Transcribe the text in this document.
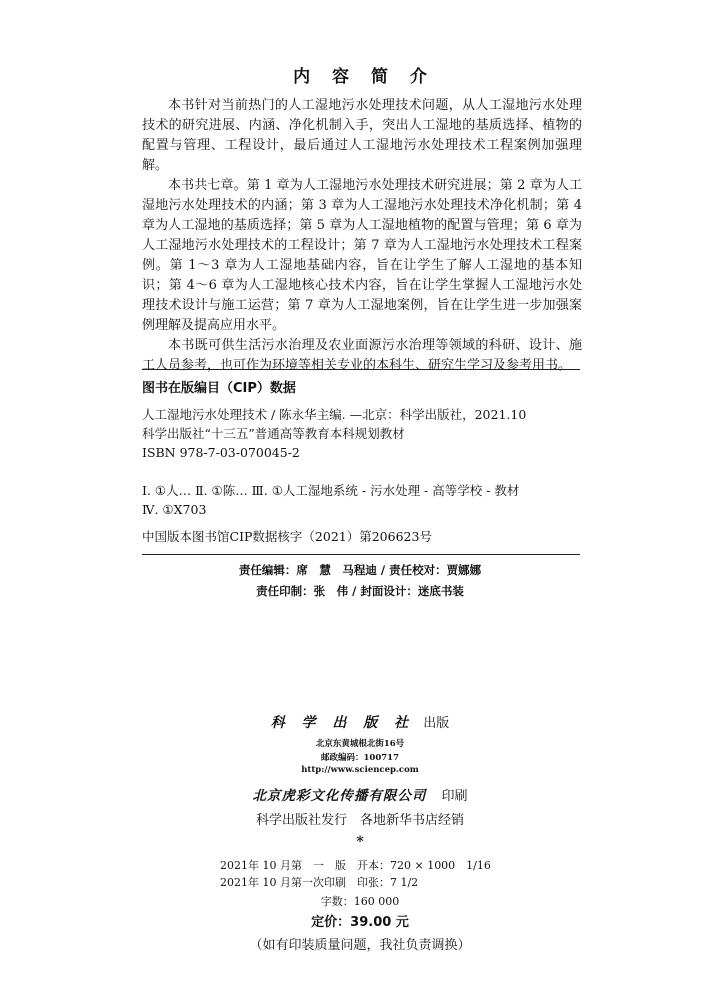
内 容 简 介

本书针对当前热门的人工湿地污水处理技术问题，从人工湿地污水处理技术的研究进展、内涵、净化机制入手，突出人工湿地的基质选择、植物的配置与管理、工程设计，最后通过人工湿地污水处理技术工程案例加强理解。

本书共七章。第 1 章为人工湿地污水处理技术研究进展；第 2 章为人工湿地污水处理技术的内涵；第 3 章为人工湿地污水处理技术净化机制；第 4 章为人工湿地的基质选择；第 5 章为人工湿地植物的配置与管理；第 6 章为人工湿地污水处理技术的工程设计；第 7 章为人工湿地污水处理技术工程案例。第 1～3 章为人工湿地基础内容，旨在让学生了解人工湿地的基本知识；第 4～6 章为人工湿地核心技术内容，旨在让学生掌握人工湿地污水处理技术设计与施工运营；第 7 章为人工湿地案例，旨在让学生进一步加强案例理解及提高应用水平。

本书既可供生活污水治理及农业面源污水治理等领域的科研、设计、施工人员参考，也可作为环境等相关专业的本科生、研究生学习及参考用书。

图书在版编目（CIP）数据
人工湿地污水处理技术 / 陈永华主编. —北京：科学出版社，2021.10
科学出版社“十三五”普通高等教育本科规划教材
ISBN 978-7-03-070045-2
Ⅰ. ①人… Ⅱ. ①陈… Ⅲ. ①人工湿地系统 - 污水处理 - 高等学校 - 教材
Ⅳ. ①X703
中国版本图书馆CIP数据核字（2021）第206623号
责任编辑：席　慧　马程迪 / 责任校对：贾娜娜
责任印制：张　伟 / 封面设计：迷底书装
科 学 出 版 社 出版
北京东黄城根北街16号
邮政编码：100717
http://www.sciencep.com
北京虎彩文化传播有限公司 印刷
科学出版社发行　各地新华书店经销
*
2021年 10 月第　一　版　开本：720 × 1000　1/16
2021年 10 月第一次印刷　印张：7 1/2
字数：160 000
定价：39.00 元
（如有印装质量问题，我社负责调换）
